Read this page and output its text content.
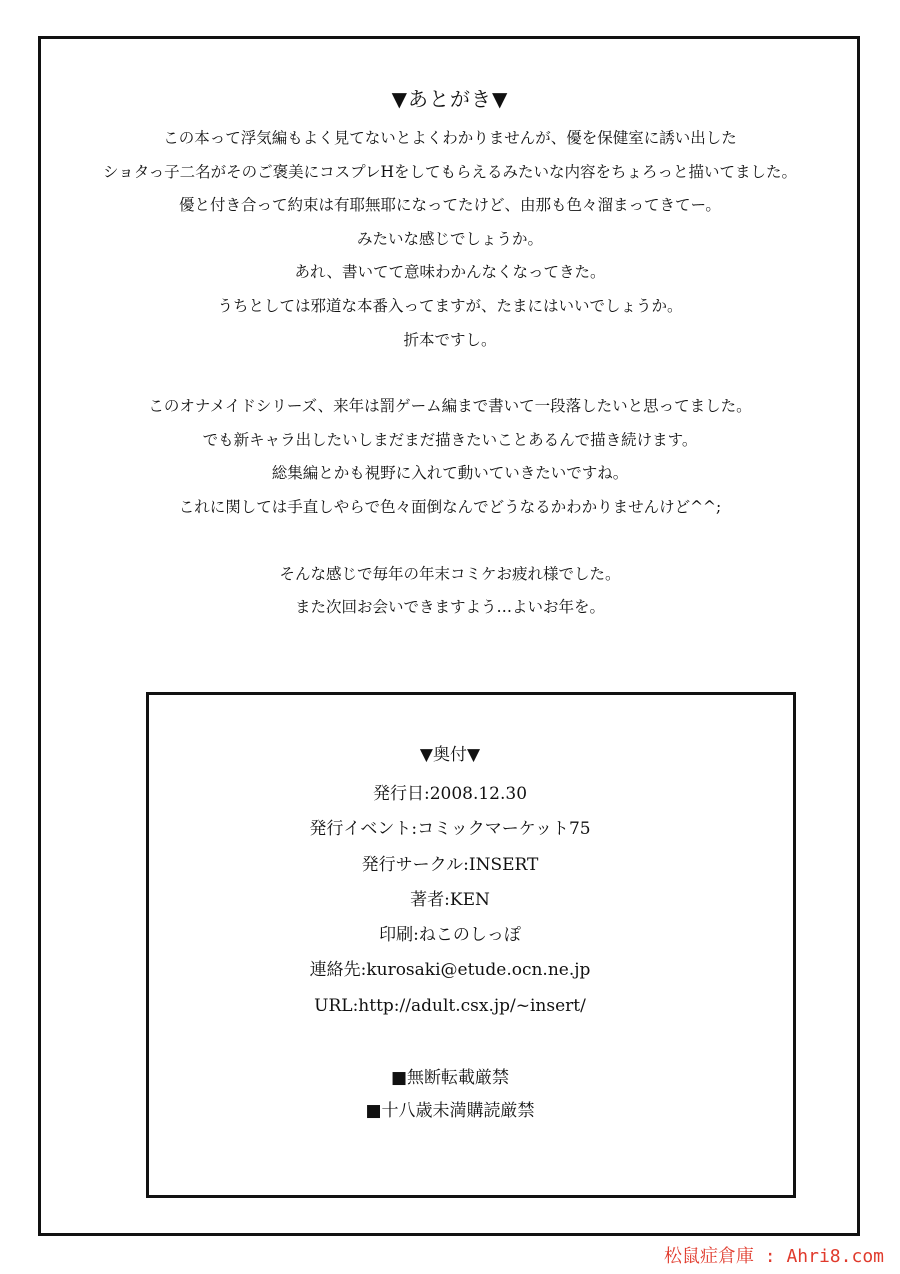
▼あとがき▼
この本って浮気編もよく見てないとよくわかりませんが、優を保健室に誘い出した
ショタっ子二名がそのご褒美にコスプレHをしてもらえるみたいな内容をちょろっと描いてました。
優と付き合って約束は有耶無耶になってたけど、由那も色々溜まってきてー。
みたいな感じでしょうか。
あれ、書いてて意味わかんなくなってきた。
うちとしては邪道な本番入ってますが、たまにはいいでしょうか。
折本ですし。
このオナメイドシリーズ、来年は罰ゲーム編まで書いて一段落したいと思ってました。
でも新キャラ出したいしまだまだ描きたいことあるんで描き続けます。
総集編とかも視野に入れて動いていきたいですね。
これに関しては手直しやらで色々面倒なんでどうなるかわかりませんけど^^;
そんな感じで毎年の年末コミケお疲れ様でした。
また次回お会いできますよう…よいお年を。
▼奥付▼
発行日:2008.12.30
発行イベント:コミックマーケット75
発行サークル:INSERT
著者:KEN
印刷:ねこのしっぽ
連絡先:kurosaki@etude.ocn.ne.jp
URL:http://adult.csx.jp/~insert/
■無断転載厳禁
■十八歳未満購読厳禁
松鼠症倉庫 : Ahri8.com
